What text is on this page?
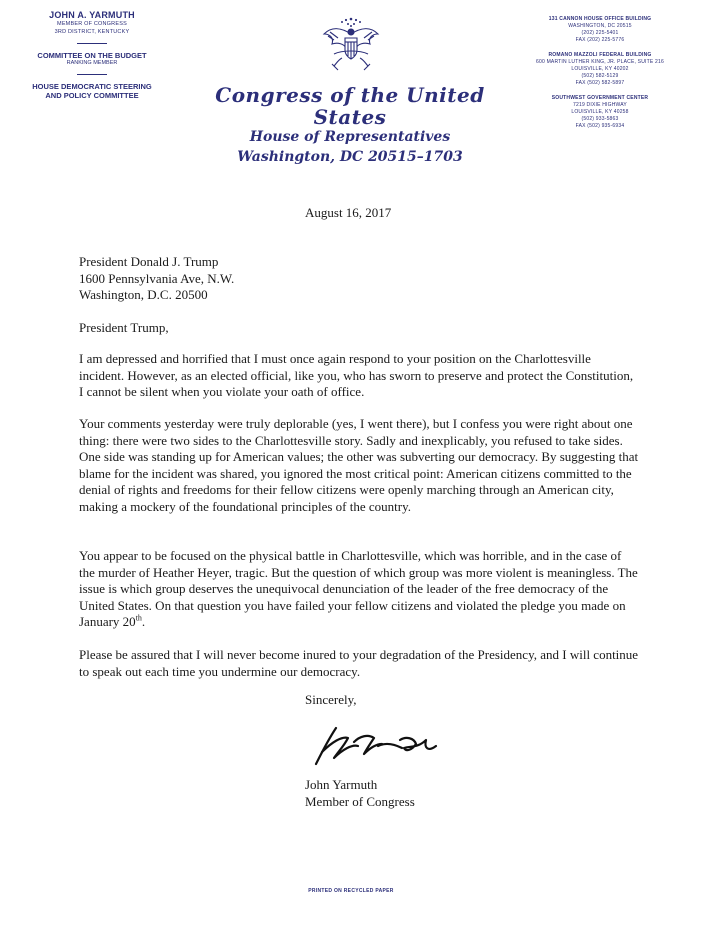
JOHN A. YARMUTH
MEMBER OF CONGRESS
3RD DISTRICT, KENTUCKY
COMMITTEE ON THE BUDGET
RANKING MEMBER
HOUSE DEMOCRATIC STEERING
AND POLICY COMMITTEE	Congress of the United States
House of Representatives
Washington, DC 20515–1703
131 CANNON HOUSE OFFICE BUILDING
WASHINGTON, DC 20515
(202) 225-5401
FAX (202) 225-5776
ROMANO MAZZOLI FEDERAL BUILDING
600 MARTIN LUTHER KING, JR. PLACE, SUITE 216
LOUISVILLE, KY 40202
(502) 582-5129
FAX (502) 582-5897
SOUTHWEST GOVERNMENT CENTER
7219 DIXIE HIGHWAY
LOUISVILLE, KY 40258
(502) 933-5863
FAX (502) 935-6934
August 16, 2017
President Donald J. Trump
1600 Pennsylvania Ave, N.W.
Washington, D.C. 20500
President Trump,
I am depressed and horrified that I must once again respond to your position on the Charlottesville incident. However, as an elected official, like you, who has sworn to preserve and protect the Constitution, I cannot be silent when you violate your oath of office.
Your comments yesterday were truly deplorable (yes, I went there), but I confess you were right about one thing: there were two sides to the Charlottesville story. Sadly and inexplicably, you refused to take sides. One side was standing up for American values; the other was subverting our democracy. By suggesting that blame for the incident was shared, you ignored the most critical point: American citizens committed to the denial of rights and freedoms for their fellow citizens were openly marching through an American city, making a mockery of the foundational principles of the country.
You appear to be focused on the physical battle in Charlottesville, which was horrible, and in the case of the murder of Heather Heyer, tragic. But the question of which group was more violent is meaningless. The issue is which group deserves the unequivocal denunciation of the leader of the free democracy of the United States. On that question you have failed your fellow citizens and violated the pledge you made on January 20th.
Please be assured that I will never become inured to your degradation of the Presidency, and I will continue to speak out each time you undermine our democracy.
Sincerely,
John Yarmuth
Member of Congress
PRINTED ON RECYCLED PAPER
